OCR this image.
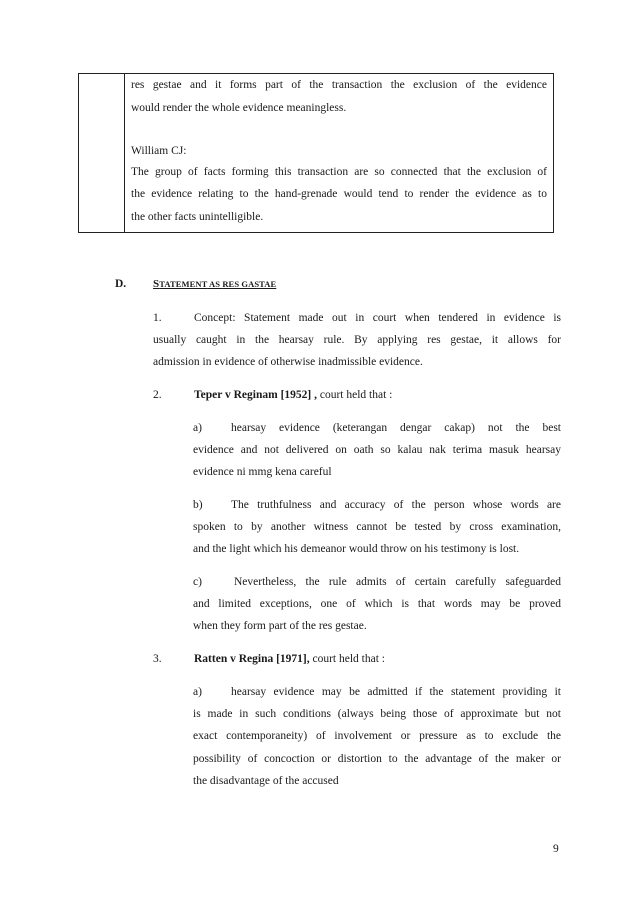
res gestae and it forms part of the transaction the exclusion of the evidence
would render the whole evidence meaningless.
William CJ:
The group of facts forming this transaction are so connected that the exclusion of
the evidence relating to the hand-grenade would tend to render the evidence as to
the other facts unintelligible.
D. STATEMENT AS RES GASTAE
1.	Concept: Statement made out in court when tendered in evidence is
usually caught in the hearsay rule. By applying res gestae, it allows for
admission in evidence of otherwise inadmissible evidence.
2.	Teper v Reginam [1952] , court held that :
a)	hearsay evidence (keterangan dengar cakap) not the best
evidence and not delivered on oath so kalau nak terima masuk hearsay
evidence ni mmg kena careful
b) The truthfulness and accuracy of the person whose words are
spoken to by another witness cannot be tested by cross examination,
and the light which his demeanor would throw on his testimony is lost.
c)	Nevertheless, the rule admits of certain carefully safeguarded
and limited exceptions, one of which is that words may be proved
when they form part of the res gestae.
3.	Ratten v Regina [1971], court held that :
a)	hearsay evidence may be admitted if the statement providing it
is made in such conditions (always being those of approximate but not
exact contemporaneity) of involvement or pressure as to exclude the
possibility of concoction or distortion to the advantage of the maker or
the disadvantage of the accused
9
